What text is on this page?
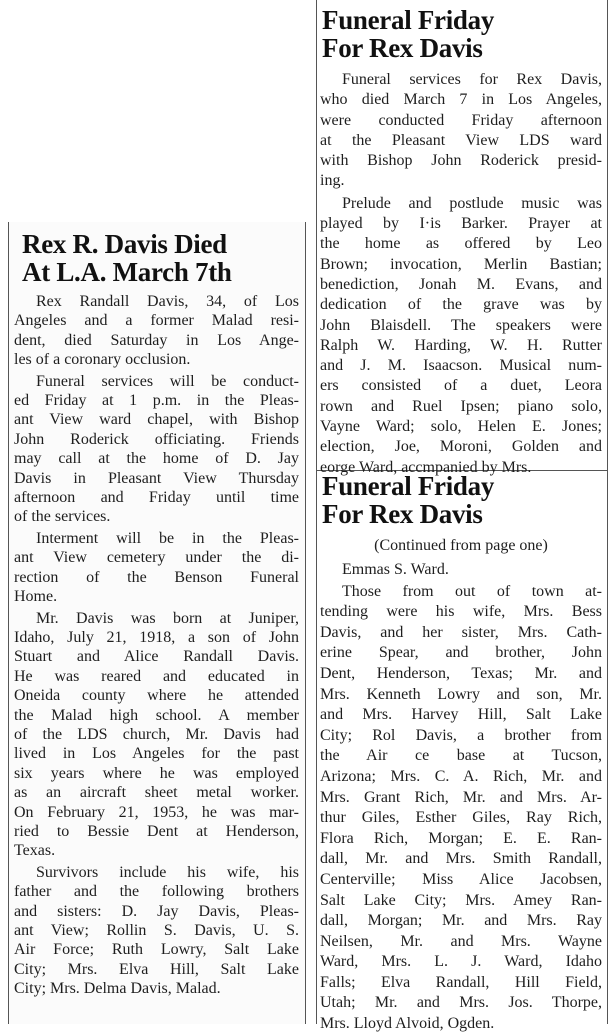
Rex R. Davis Died
At L.A. March 7th
Rex Randall Davis, 34, of Los
Angeles and a former Malad resi-
dent, died Saturday in Los Ange-
les of a coronary occlusion.
Funeral services will be conduct-
ed Friday at 1 p.m. in the Pleas-
ant View ward chapel, with Bishop
John Roderick officiating. Friends
may call at the home of D. Jay
Davis in Pleasant View Thursday
afternoon and Friday until time
of the services.
Interment will be in the Pleas-
ant View cemetery under the di-
rection of the Benson Funeral
Home.
Mr. Davis was born at Juniper,
Idaho, July 21, 1918, a son of John
Stuart and Alice Randall Davis.
He was reared and educated in
Oneida county where he attended
the Malad high school. A member
of the LDS church, Mr. Davis had
lived in Los Angeles for the past
six years where he was employed
as an aircraft sheet metal worker.
On February 21, 1953, he was mar-
ried to Bessie Dent at Henderson,
Texas.
Survivors include his wife, his
father and the following brothers
and sisters: D. Jay Davis, Pleas-
ant View; Rollin S. Davis, U. S.
Air Force; Ruth Lowry, Salt Lake
City; Mrs. Elva Hill, Salt Lake
City; Mrs. Delma Davis, Malad.
Funeral Friday
For Rex Davis
Funeral services for Rex Davis,
who died March 7 in Los Angeles,
were conducted Friday afternoon
at the Pleasant View LDS ward
with Bishop John Roderick presid-
ing.
Prelude and postlude music was
played by I·is Barker. Prayer at
the home as offered by Leo
Brown; invocation, Merlin Bastian;
benediction, Jonah M. Evans, and
dedication of the grave was by
John Blaisdell. The speakers were
Ralph W. Harding, W. H. Rutter
and J. M. Isaacson. Musical num-
ers consisted of a duet, Leora
rown and Ruel Ipsen; piano solo,
Vayne Ward; solo, Helen E. Jones;
election, Joe, Moroni, Golden and
eorge Ward, accmpanied by Mrs.
Funeral Friday
For Rex Davis
(Continued from page one)
Emmas S. Ward.
Those from out of town at-
tending were his wife, Mrs. Bess
Davis, and her sister, Mrs. Cath-
erine Spear, and brother, John
Dent, Henderson, Texas; Mr. and
Mrs. Kenneth Lowry and son, Mr.
and Mrs. Harvey Hill, Salt Lake
City; Rol Davis, a brother from
the Air ce base at Tucson,
Arizona; Mrs. C. A. Rich, Mr. and
Mrs. Grant Rich, Mr. and Mrs. Ar-
thur Giles, Esther Giles, Ray Rich,
Flora Rich, Morgan; E. E. Ran-
dall, Mr. and Mrs. Smith Randall,
Centerville; Miss Alice Jacobsen,
Salt Lake City; Mrs. Amey Ran-
dall, Morgan; Mr. and Mrs. Ray
Neilsen, Mr. and Mrs. Wayne
Ward, Mrs. L. J. Ward, Idaho
Falls; Elva Randall, Hill Field,
Utah; Mr. and Mrs. Jos. Thorpe,
Mrs. Lloyd Alvoid, Ogden.
